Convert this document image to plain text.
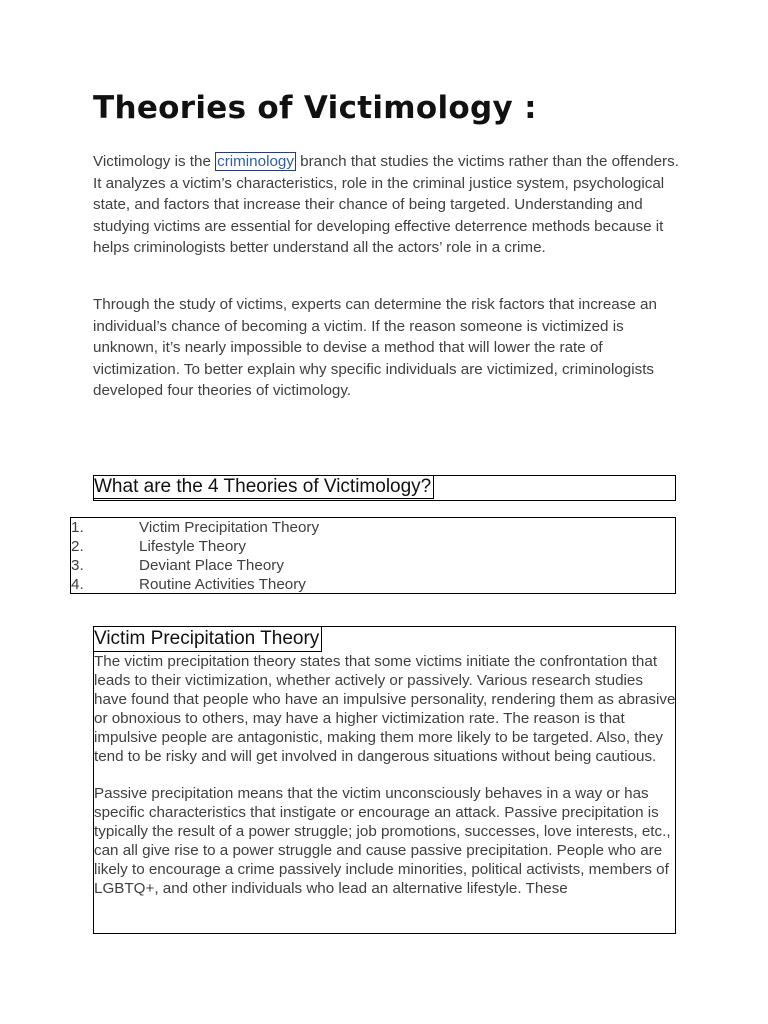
Theories of Victimology :

Victimology is the criminology branch that studies the victims rather than the offenders. It analyzes a victim’s characteristics, role in the criminal justice system, psychological state, and factors that increase their chance of being targeted. Understanding and studying victims are essential for developing effective deterrence methods because it helps criminologists better understand all the actors’ role in a crime.

Through the study of victims, experts can determine the risk factors that increase an individual’s chance of becoming a victim. If the reason someone is victimized is unknown, it’s nearly impossible to devise a method that will lower the rate of victimization. To better explain why specific individuals are victimized, criminologists developed four theories of victimology.

What are the 4 Theories of Victimology?
1.	Victim Precipitation Theory
2.	Lifestyle Theory
3.	Deviant Place Theory
4.	Routine Activities Theory
Victim Precipitation Theory

The victim precipitation theory states that some victims initiate the confrontation that leads to their victimization, whether actively or passively. Various research studies have found that people who have an impulsive personality, rendering them as abrasive or obnoxious to others, may have a higher victimization rate. The reason is that impulsive people are antagonistic, making them more likely to be targeted. Also, they tend to be risky and will get involved in dangerous situations without being cautious.

Passive precipitation means that the victim unconsciously behaves in a way or has specific characteristics that instigate or encourage an attack. Passive precipitation is typically the result of a power struggle; job promotions, successes, love interests, etc., can all give rise to a power struggle and cause passive precipitation. People who are likely to encourage a crime passively include minorities, political activists, members of LGBTQ+, and other individuals who lead an alternative lifestyle. These
